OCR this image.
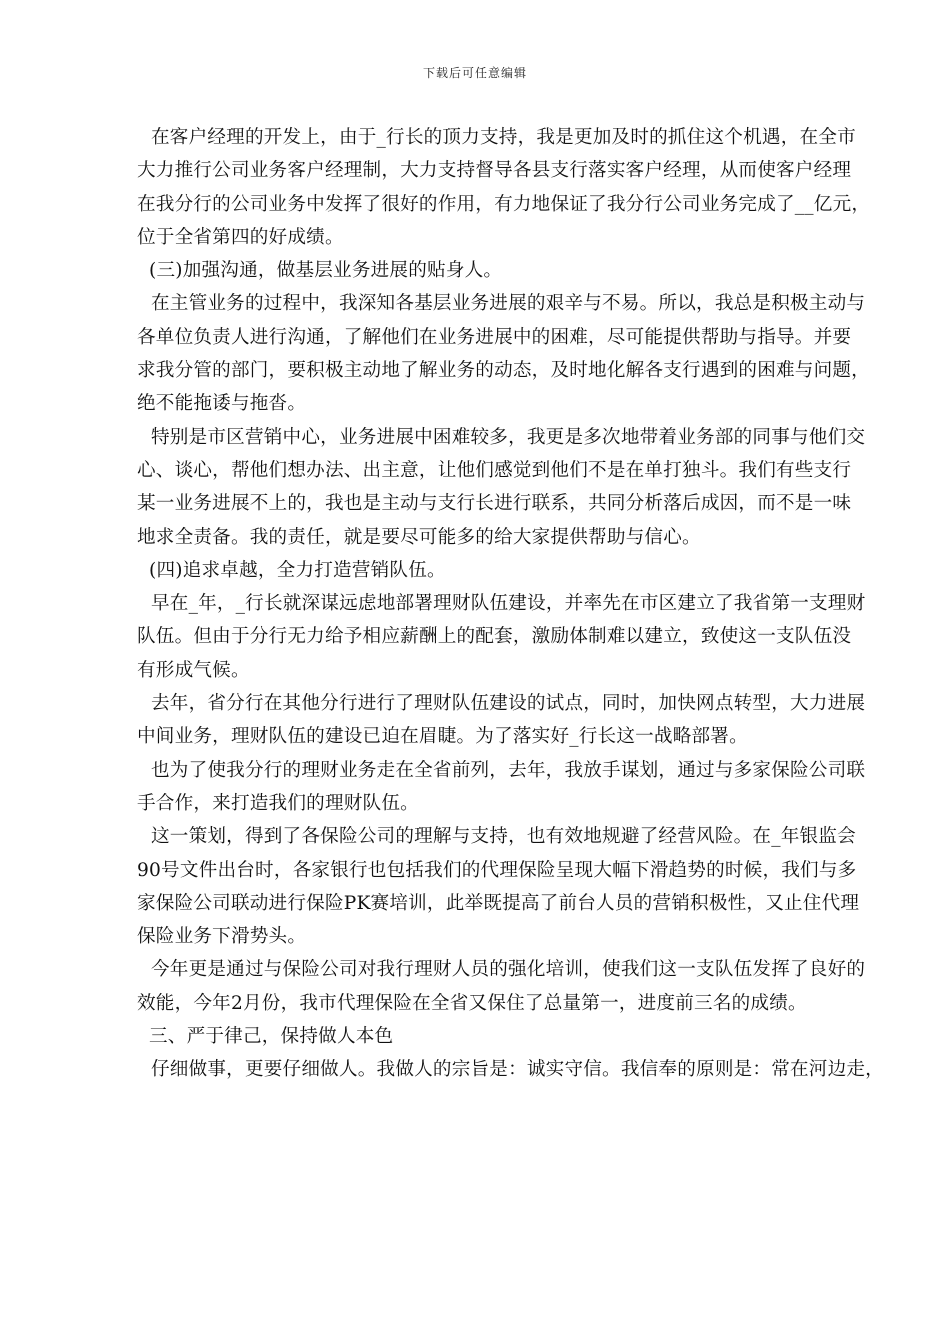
下载后可任意编辑
在客户经理的开发上，由于_行长的顶力支持，我是更加及时的抓住这个机遇，在全市
大力推行公司业务客户经理制，大力支持督导各县支行落实客户经理，从而使客户经理
在我分行的公司业务中发挥了很好的作用，有力地保证了我分行公司业务完成了__亿元，
位于全省第四的好成绩。
(三)加强沟通，做基层业务进展的贴身人。
在主管业务的过程中，我深知各基层业务进展的艰辛与不易。所以，我总是积极主动与
各单位负责人进行沟通，了解他们在业务进展中的困难，尽可能提供帮助与指导。并要
求我分管的部门，要积极主动地了解业务的动态，及时地化解各支行遇到的困难与问题，
绝不能拖诿与拖沓。
特别是市区营销中心，业务进展中困难较多，我更是多次地带着业务部的同事与他们交
心、谈心，帮他们想办法、出主意，让他们感觉到他们不是在单打独斗。我们有些支行
某一业务进展不上的，我也是主动与支行长进行联系，共同分析落后成因，而不是一味
地求全责备。我的责任，就是要尽可能多的给大家提供帮助与信心。
(四)追求卓越，全力打造营销队伍。
早在_年，_行长就深谋远虑地部署理财队伍建设，并率先在市区建立了我省第一支理财
队伍。但由于分行无力给予相应薪酬上的配套，激励体制难以建立，致使这一支队伍没
有形成气候。
去年，省分行在其他分行进行了理财队伍建设的试点，同时，加快网点转型，大力进展
中间业务，理财队伍的建设已迫在眉睫。为了落实好_行长这一战略部署。
也为了使我分行的理财业务走在全省前列，去年，我放手谋划，通过与多家保险公司联
手合作，来打造我们的理财队伍。
这一策划，得到了各保险公司的理解与支持，也有效地规避了经营风险。在_年银监会
90号文件出台时，各家银行也包括我们的代理保险呈现大幅下滑趋势的时候，我们与多
家保险公司联动进行保险PK赛培训，此举既提高了前台人员的营销积极性，又止住代理
保险业务下滑势头。
今年更是通过与保险公司对我行理财人员的强化培训，使我们这一支队伍发挥了良好的
效能，今年2月份，我市代理保险在全省又保住了总量第一，进度前三名的成绩。
三、严于律己，保持做人本色
仔细做事，更要仔细做人。我做人的宗旨是：诚实守信。我信奉的原则是：常在河边走，
